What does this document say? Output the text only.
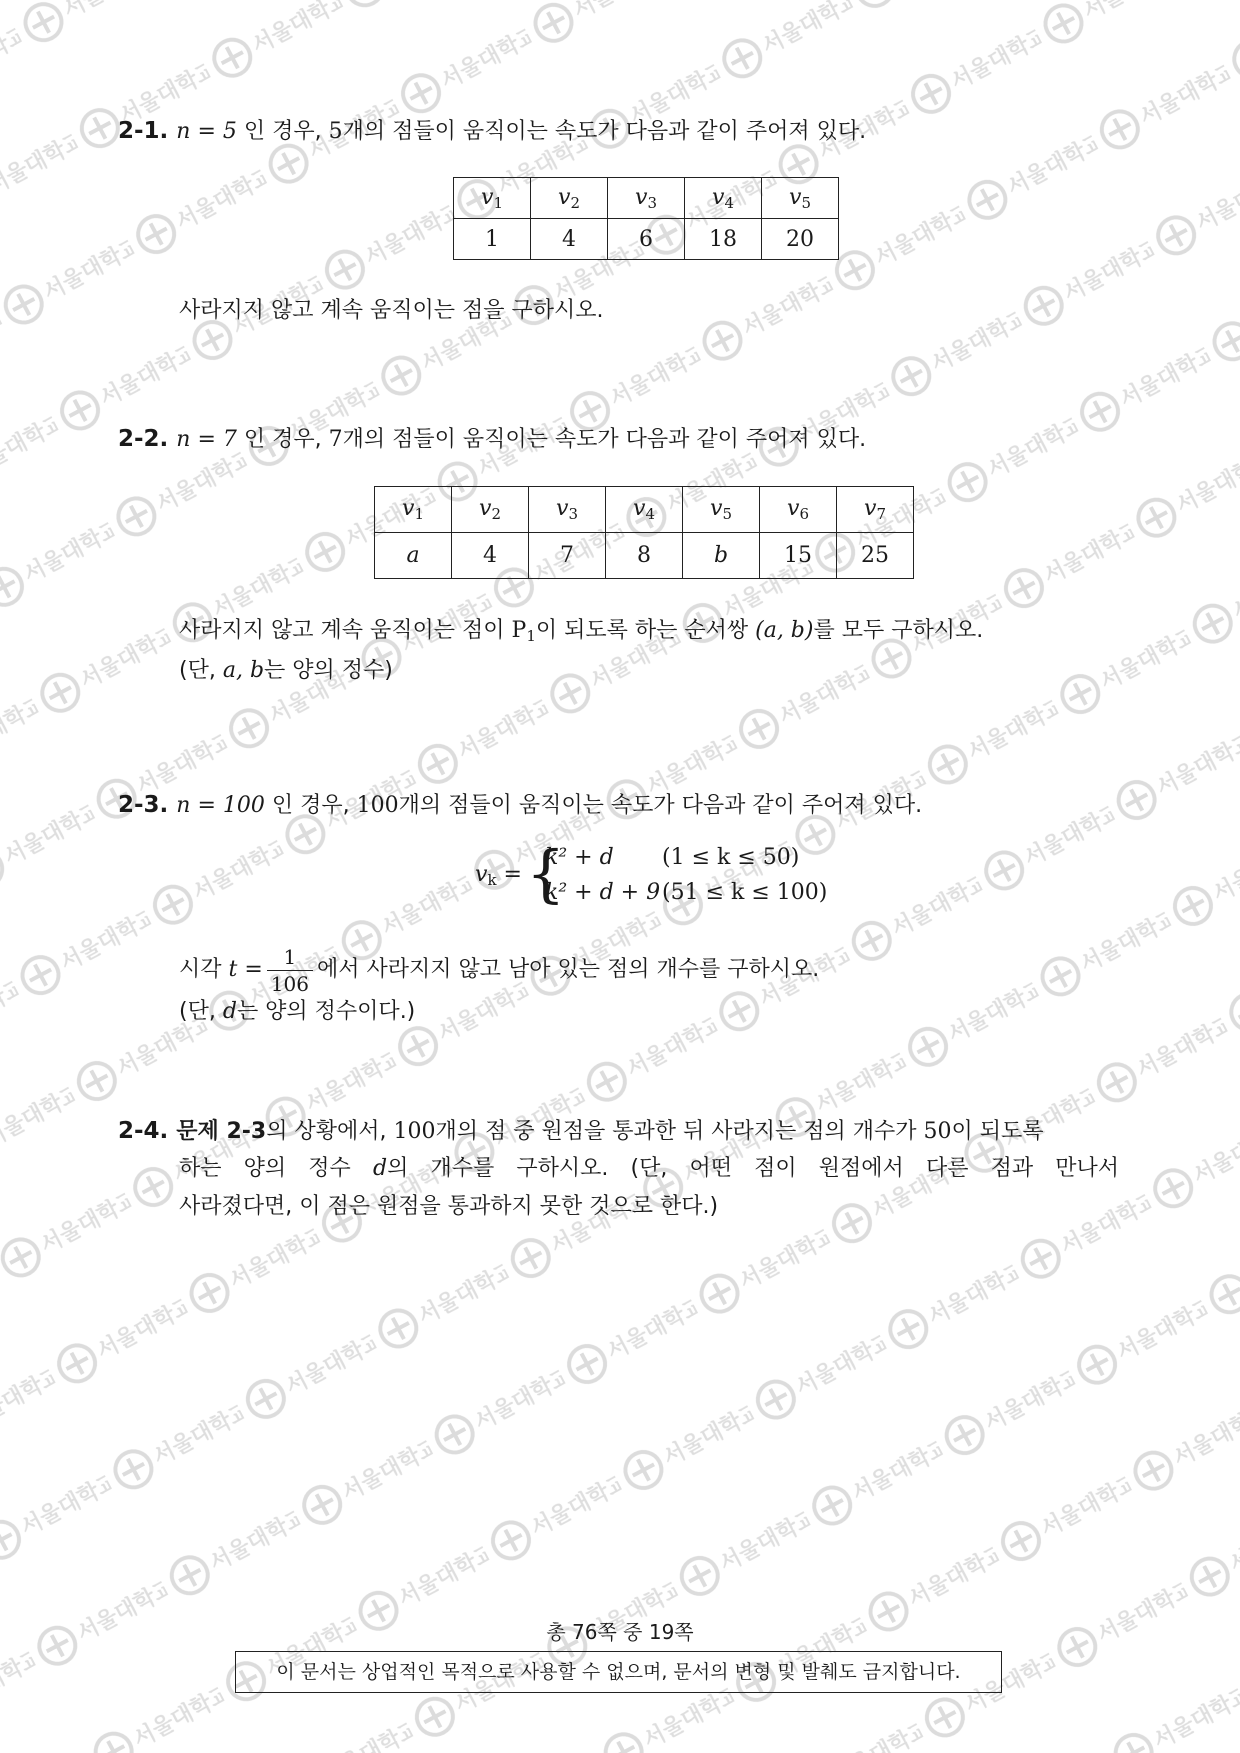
2-1. n = 5 인 경우, 5개의 점들이 움직이는 속도가 다음과 같이 주어져 있다.
$v_1$	$v_2$	$v_3$	$v_4$	$v_5$
1	4	6	18	20
사라지지 않고 계속 움직이는 점을 구하시오.
2-2. n = 7 인 경우, 7개의 점들이 움직이는 속도가 다음과 같이 주어져 있다.
$v_1$	$v_2$	$v_3$	$v_4$	$v_5$	$v_6$	$v_7$
a	4	7	8	b	15	25
사라지지 않고 계속 움직이는 점이 $P_1$이 되도록 하는 순서쌍 (a, b)를 모두 구하시오.
(단, a, b는 양의 정수)
2-3. n = 100 인 경우, 100개의 점들이 움직이는 속도가 다음과 같이 주어져 있다.
$v_k$ = {
k² + d (1 ≤ k ≤ 50)
k² + d + 9 (51 ≤ k ≤ 100)
시각 $t = \frac{1}{106}$ 에서 사라지지 않고 남아 있는 점의 개수를 구하시오.
(단, d는 양의 정수이다.)
2-4. 문제 2-3의 상황에서, 100개의 점 중 원점을 통과한 뒤 사라지는 점의 개수가 50이 되도록
하는 양의 정수 d의 개수를 구하시오. (단, 어떤 점이 원점에서 다른 점과 만나서
사라졌다면, 이 점은 원점을 통과하지 못한 것으로 한다.)
총 76쪽 중 19쪽
이 문서는 상업적인 목적으로 사용할 수 없으며, 문서의 변형 및 발췌도 금지합니다.
